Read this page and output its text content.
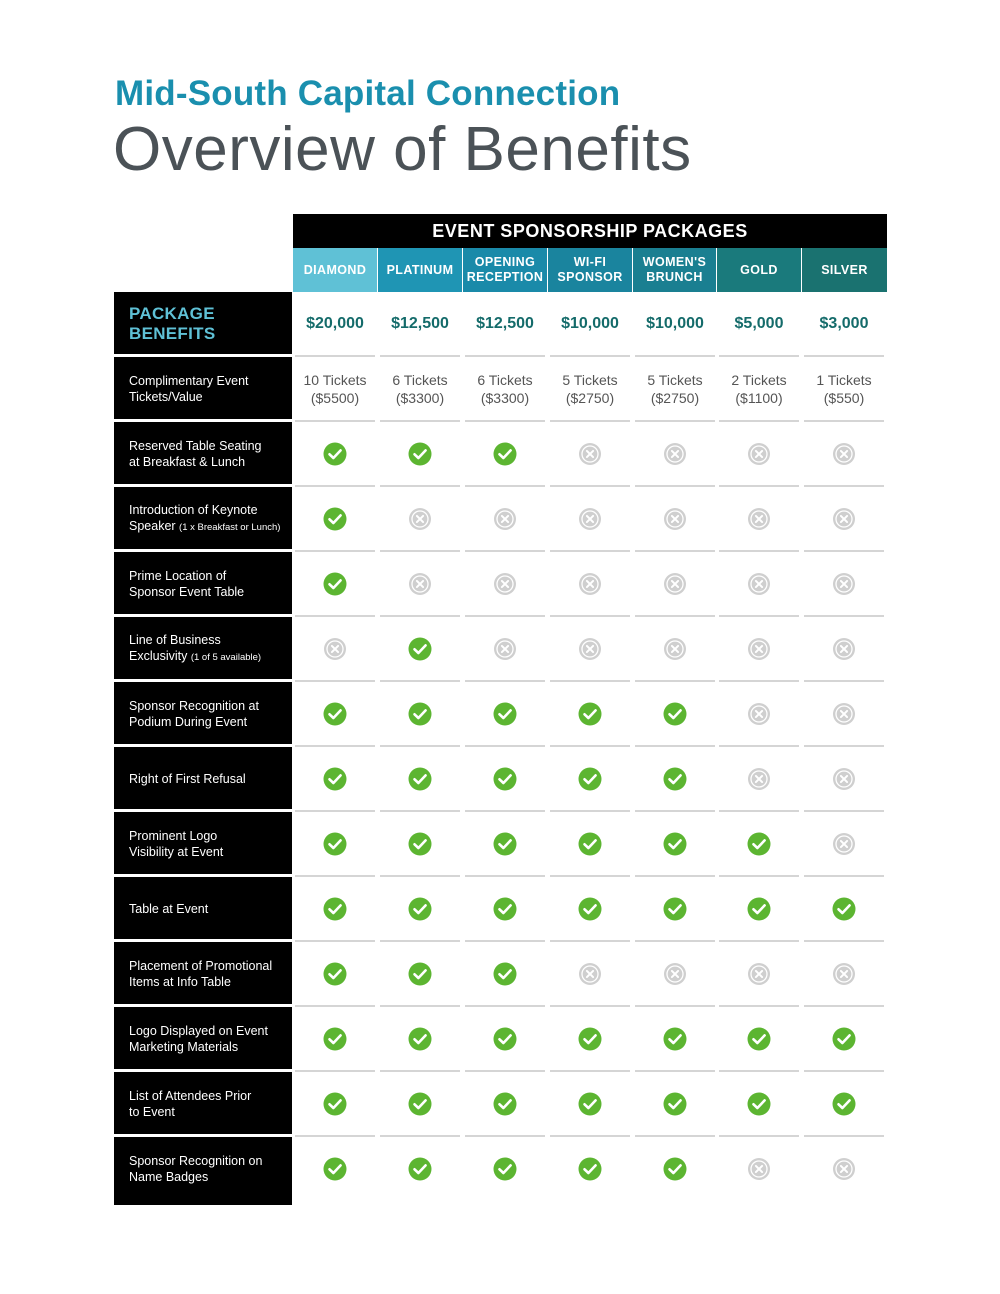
Mid-South Capital Connection
Overview of Benefits
EVENT SPONSORSHIP PACKAGES
PACKAGE
BENEFITS
DIAMOND
$20,000
PLATINUM
$12,500
OPENING
RECEPTION
$12,500
WI-FI
SPONSOR
$10,000
WOMEN'S
BRUNCH
$10,000
GOLD
$5,000
SILVER
$3,000
Complimentary Event
Tickets/Value
10 Tickets
($5500)
6 Tickets
($3300)
6 Tickets
($3300)
5 Tickets
($2750)
5 Tickets
($2750)
2 Tickets
($1100)
1 Tickets
($550)
Reserved Table Seating
at Breakfast & Lunch
Introduction of Keynote
Speaker (1 x Breakfast or Lunch)
Prime Location of
Sponsor Event Table
Line of Business
Exclusivity (1 of 5 available)
Sponsor Recognition at
Podium During Event
Right of First Refusal
Prominent Logo
Visibility at Event
Table at Event
Placement of Promotional
Items at Info Table
Logo Displayed on Event
Marketing Materials
List of Attendees Prior
to Event
Sponsor Recognition on
Name Badges
